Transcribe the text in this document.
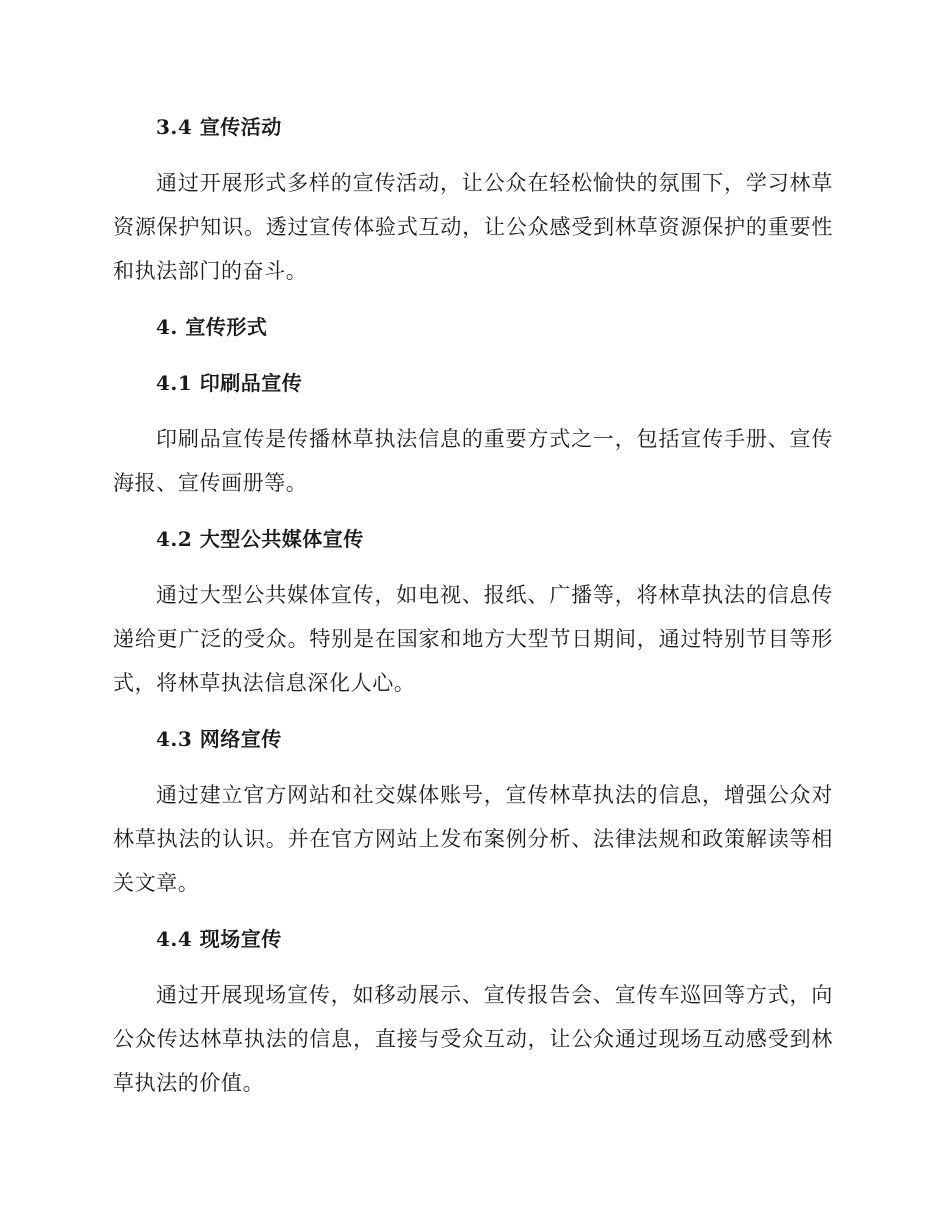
3.4 宣传活动

通过开展形式多样的宣传活动，让公众在轻松愉快的氛围下，学习林草资源保护知识。透过宣传体验式互动，让公众感受到林草资源保护的重要性和执法部门的奋斗。

4. 宣传形式
4.1 印刷品宣传

印刷品宣传是传播林草执法信息的重要方式之一，包括宣传手册、宣传海报、宣传画册等。

4.2 大型公共媒体宣传

通过大型公共媒体宣传，如电视、报纸、广播等，将林草执法的信息传递给更广泛的受众。特别是在国家和地方大型节日期间，通过特别节目等形式，将林草执法信息深化人心。

4.3 网络宣传

通过建立官方网站和社交媒体账号，宣传林草执法的信息，增强公众对林草执法的认识。并在官方网站上发布案例分析、法律法规和政策解读等相关文章。

4.4 现场宣传

通过开展现场宣传，如移动展示、宣传报告会、宣传车巡回等方式，向公众传达林草执法的信息，直接与受众互动，让公众通过现场互动感受到林草执法的价值。
